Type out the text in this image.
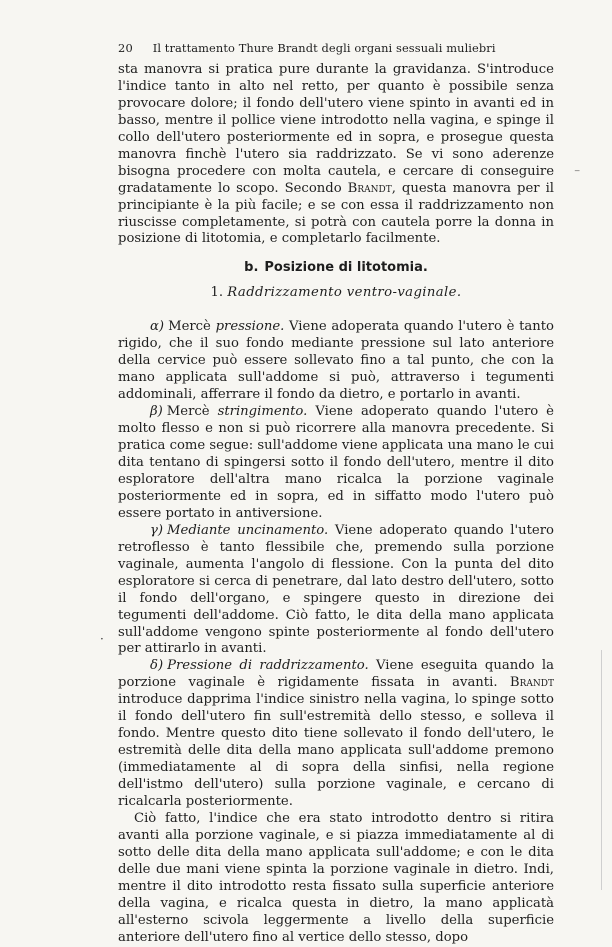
20 Il trattamento Thure Brandt degli organi sessuali muliebri

sta manovra si pratica pure durante la gravidanza. S'introduce l'indice tanto in alto nel retto, per quanto è possibile senza provocare dolore; il fondo dell'utero viene spinto in avanti ed in basso, mentre il pollice viene introdotto nella vagina, e spinge il collo dell'utero posteriormente ed in sopra, e prosegue questa manovra finchè l'utero sia raddrizzato. Se vi sono aderenze bisogna procedere con molta cautela, e cercare di conseguire gradatamente lo scopo. Secondo Brandt, questa manovra per il principiante è la più facile; e se con essa il raddrizzamento non riuscisse completamente, si potrà con cautela porre la donna in posizione di litotomia, e completarlo facilmente.

b. Posizione di litotomia.
1. Raddrizzamento ventro-vaginale.

α) Mercè pressione. Viene adoperata quando l'utero è tanto rigido, che il suo fondo mediante pressione sul lato anteriore della cervice può essere sollevato fino a tal punto, che con la mano applicata sull'addome si può, attraverso i tegumenti addominali, afferrare il fondo da dietro, e portarlo in avanti.

β) Mercè stringimento. Viene adoperato quando l'utero è molto flesso e non si può ricorrere alla manovra precedente. Si pratica come segue: sull'addome viene applicata una mano le cui dita tentano di spingersi sotto il fondo dell'utero, mentre il dito esploratore dell'altra mano ricalca la porzione vaginale posteriormente ed in sopra, ed in siffatto modo l'utero può essere portato in antiversione.

γ) Mediante uncinamento. Viene adoperato quando l'utero retroflesso è tanto flessibile che, premendo sulla porzione vaginale, aumenta l'angolo di flessione. Con la punta del dito esploratore si cerca di penetrare, dal lato destro dell'utero, sotto il fondo dell'organo, e spingere questo in direzione dei tegumenti dell'addome. Ciò fatto, le dita della mano applicata sull'addome vengono spinte posteriormente al fondo dell'utero per attirarlo in avanti.

δ) Pressione di raddrizzamento. Viene eseguita quando la porzione vaginale è rigidamente fissata in avanti. Brandt introduce dapprima l'indice sinistro nella vagina, lo spinge sotto il fondo dell'utero fin sull'estremità dello stesso, e solleva il fondo. Mentre questo dito tiene sollevato il fondo dell'utero, le estremità delle dita della mano applicata sull'addome premono (immediatamente al di sopra della sinfisi, nella regione dell'istmo dell'utero) sulla porzione vaginale, e cercano di ricalcarla posteriormente.

Ciò fatto, l'indice che era stato introdotto dentro si ritira avanti alla porzione vaginale, e si piazza immediatamente al di sotto delle dita della mano applicata sull'addome; e con le dita delle due mani viene spinta la porzione vaginale in dietro. Indi, mentre il dito introdotto resta fissato sulla superficie anteriore della vagina, e ricalca questa in dietro, la mano applicatà all'esterno scivola leggermente a livello della superficie anteriore dell'utero fino al vertice dello stesso, dopo

·
⁻
